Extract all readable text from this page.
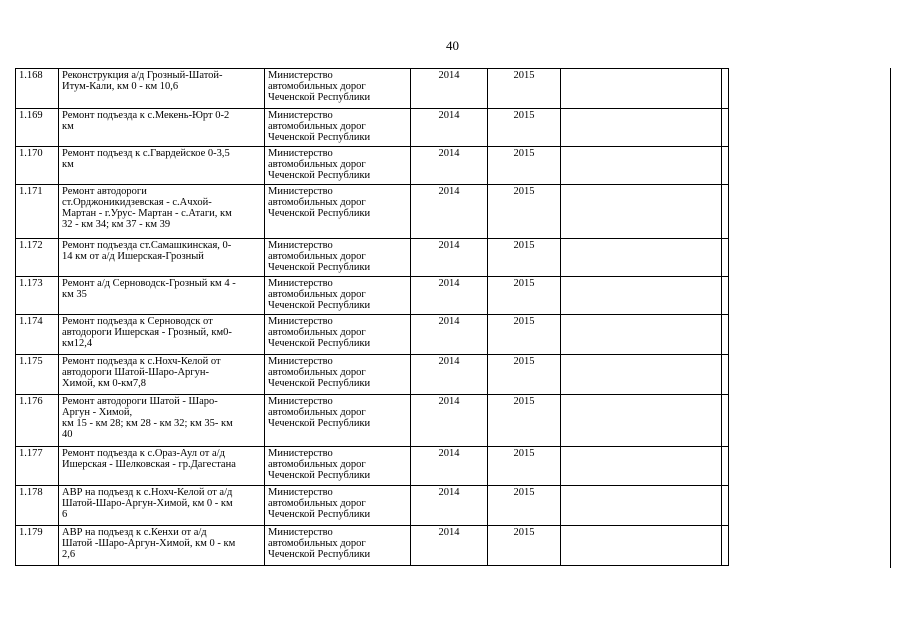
40
1.168	Реконструкция а/д Грозный-Шатой-
Итум-Кали, км 0 - км 10,6	Министерство
автомобильных дорог
Чеченской Республики	2014	2015		
1.169	Ремонт подъезда к с.Мекень-Юрт 0-2
км	Министерство
автомобильных дорог
Чеченской Республики	2014	2015		
1.170	Ремонт подъезд к с.Гвардейское 0-3,5
км	Министерство
автомобильных дорог
Чеченской Республики	2014	2015		
1.171	Ремонт автодороги
ст.Орджоникидзевская - с.Ачхой-
Мартан - г.Урус- Мартан - с.Атаги, км
32 - км 34; км 37 - км 39	Министерство
автомобильных дорог
Чеченской Республики	2014	2015		
1.172	Ремонт подъезда ст.Самашкинская, 0-
14 км от а/д Ишерская-Грозный	Министерство
автомобильных дорог
Чеченской Республики	2014	2015		
1.173	Ремонт а/д Серноводск-Грозный км 4 -
км 35	Министерство
автомобильных дорог
Чеченской Республики	2014	2015		
1.174	Ремонт подъезда к Серноводск от
автодороги Ишерская - Грозный, км0-
км12,4	Министерство
автомобильных дорог
Чеченской Республики	2014	2015		
1.175	Ремонт подъезда к с.Нохч-Келой от
автодороги Шатой-Шаро-Аргун-
Химой, км 0-км7,8	Министерство
автомобильных дорог
Чеченской Республики	2014	2015		
1.176	Ремонт автодороги Шатой - Шаро-
Аргун - Химой,
км 15 - км 28; км 28 - км 32; км 35- км
40	Министерство
автомобильных дорог
Чеченской Республики	2014	2015		
1.177	Ремонт подъезда к с.Ораз-Аул от а/д
Ишерская - Шелковская - гр.Дагестана	Министерство
автомобильных дорог
Чеченской Республики	2014	2015		
1.178	АВР на подъезд к с.Нохч-Келой от а/д
Шатой-Шаро-Аргун-Химой, км 0 - км
6	Министерство
автомобильных дорог
Чеченской Республики	2014	2015		
1.179	АВР на подъезд к с.Кенхи от а/д
Шатой -Шаро-Аргун-Химой, км 0 - км
2,6	Министерство
автомобильных дорог
Чеченской Республики	2014	2015		
